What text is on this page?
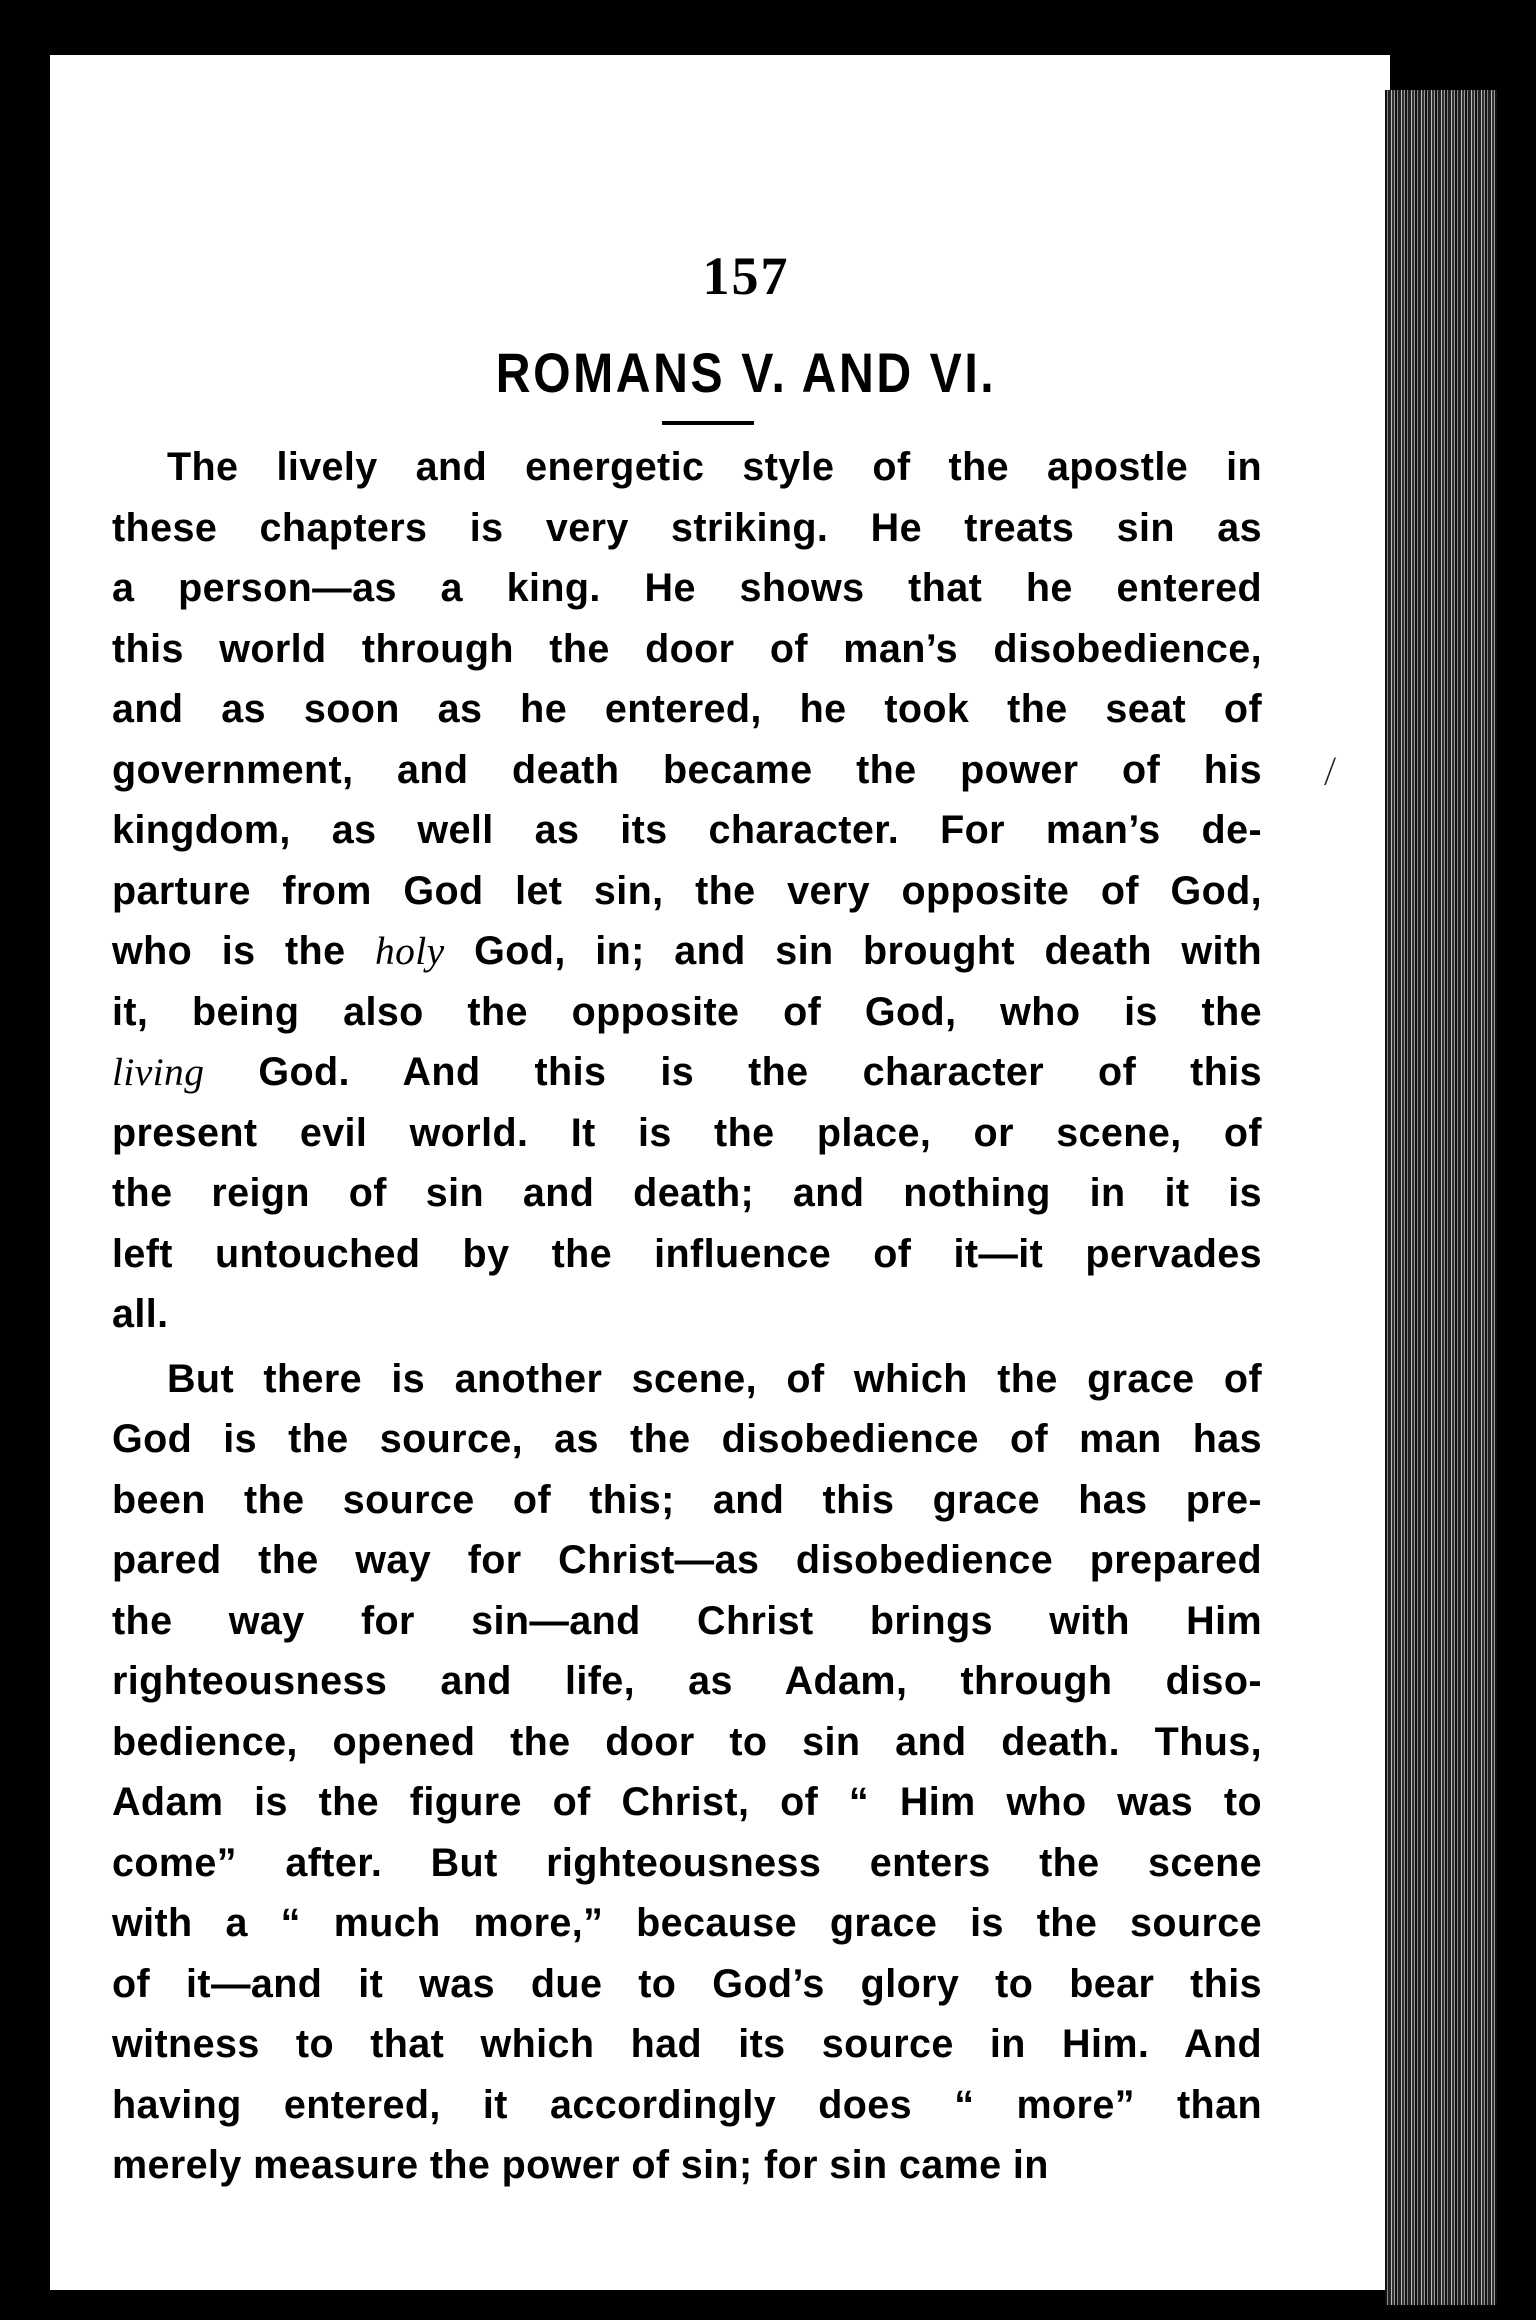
157
ROMANS V. AND VI.
The lively and energetic style of the apostle in
these chapters is very striking. He treats sin as
a person—as a king. He shows that he entered
this world through the door of man’s disobedience,
and as soon as he entered, he took the seat of
government, and death became the power of his
kingdom, as well as its character. For man’s de-
parture from God let sin, the very opposite of God,
who is the holy God, in; and sin brought death with
it, being also the opposite of God, who is the
living God. And this is the character of this
present evil world. It is the place, or scene, of
the reign of sin and death; and nothing in it is
left untouched by the influence of it—it pervades
all.
But there is another scene, of which the grace of
God is the source, as the disobedience of man has
been the source of this; and this grace has pre-
pared the way for Christ—as disobedience prepared
the way for sin—and Christ brings with Him
righteousness and life, as Adam, through diso-
bedience, opened the door to sin and death. Thus,
Adam is the figure of Christ, of “ Him who was to
come” after. But righteousness enters the scene
with a “ much more,” because grace is the source
of it—and it was due to God’s glory to bear this
witness to that which had its source in Him. And
having entered, it accordingly does “ more” than
merely measure the power of sin; for sin came in
⟋
